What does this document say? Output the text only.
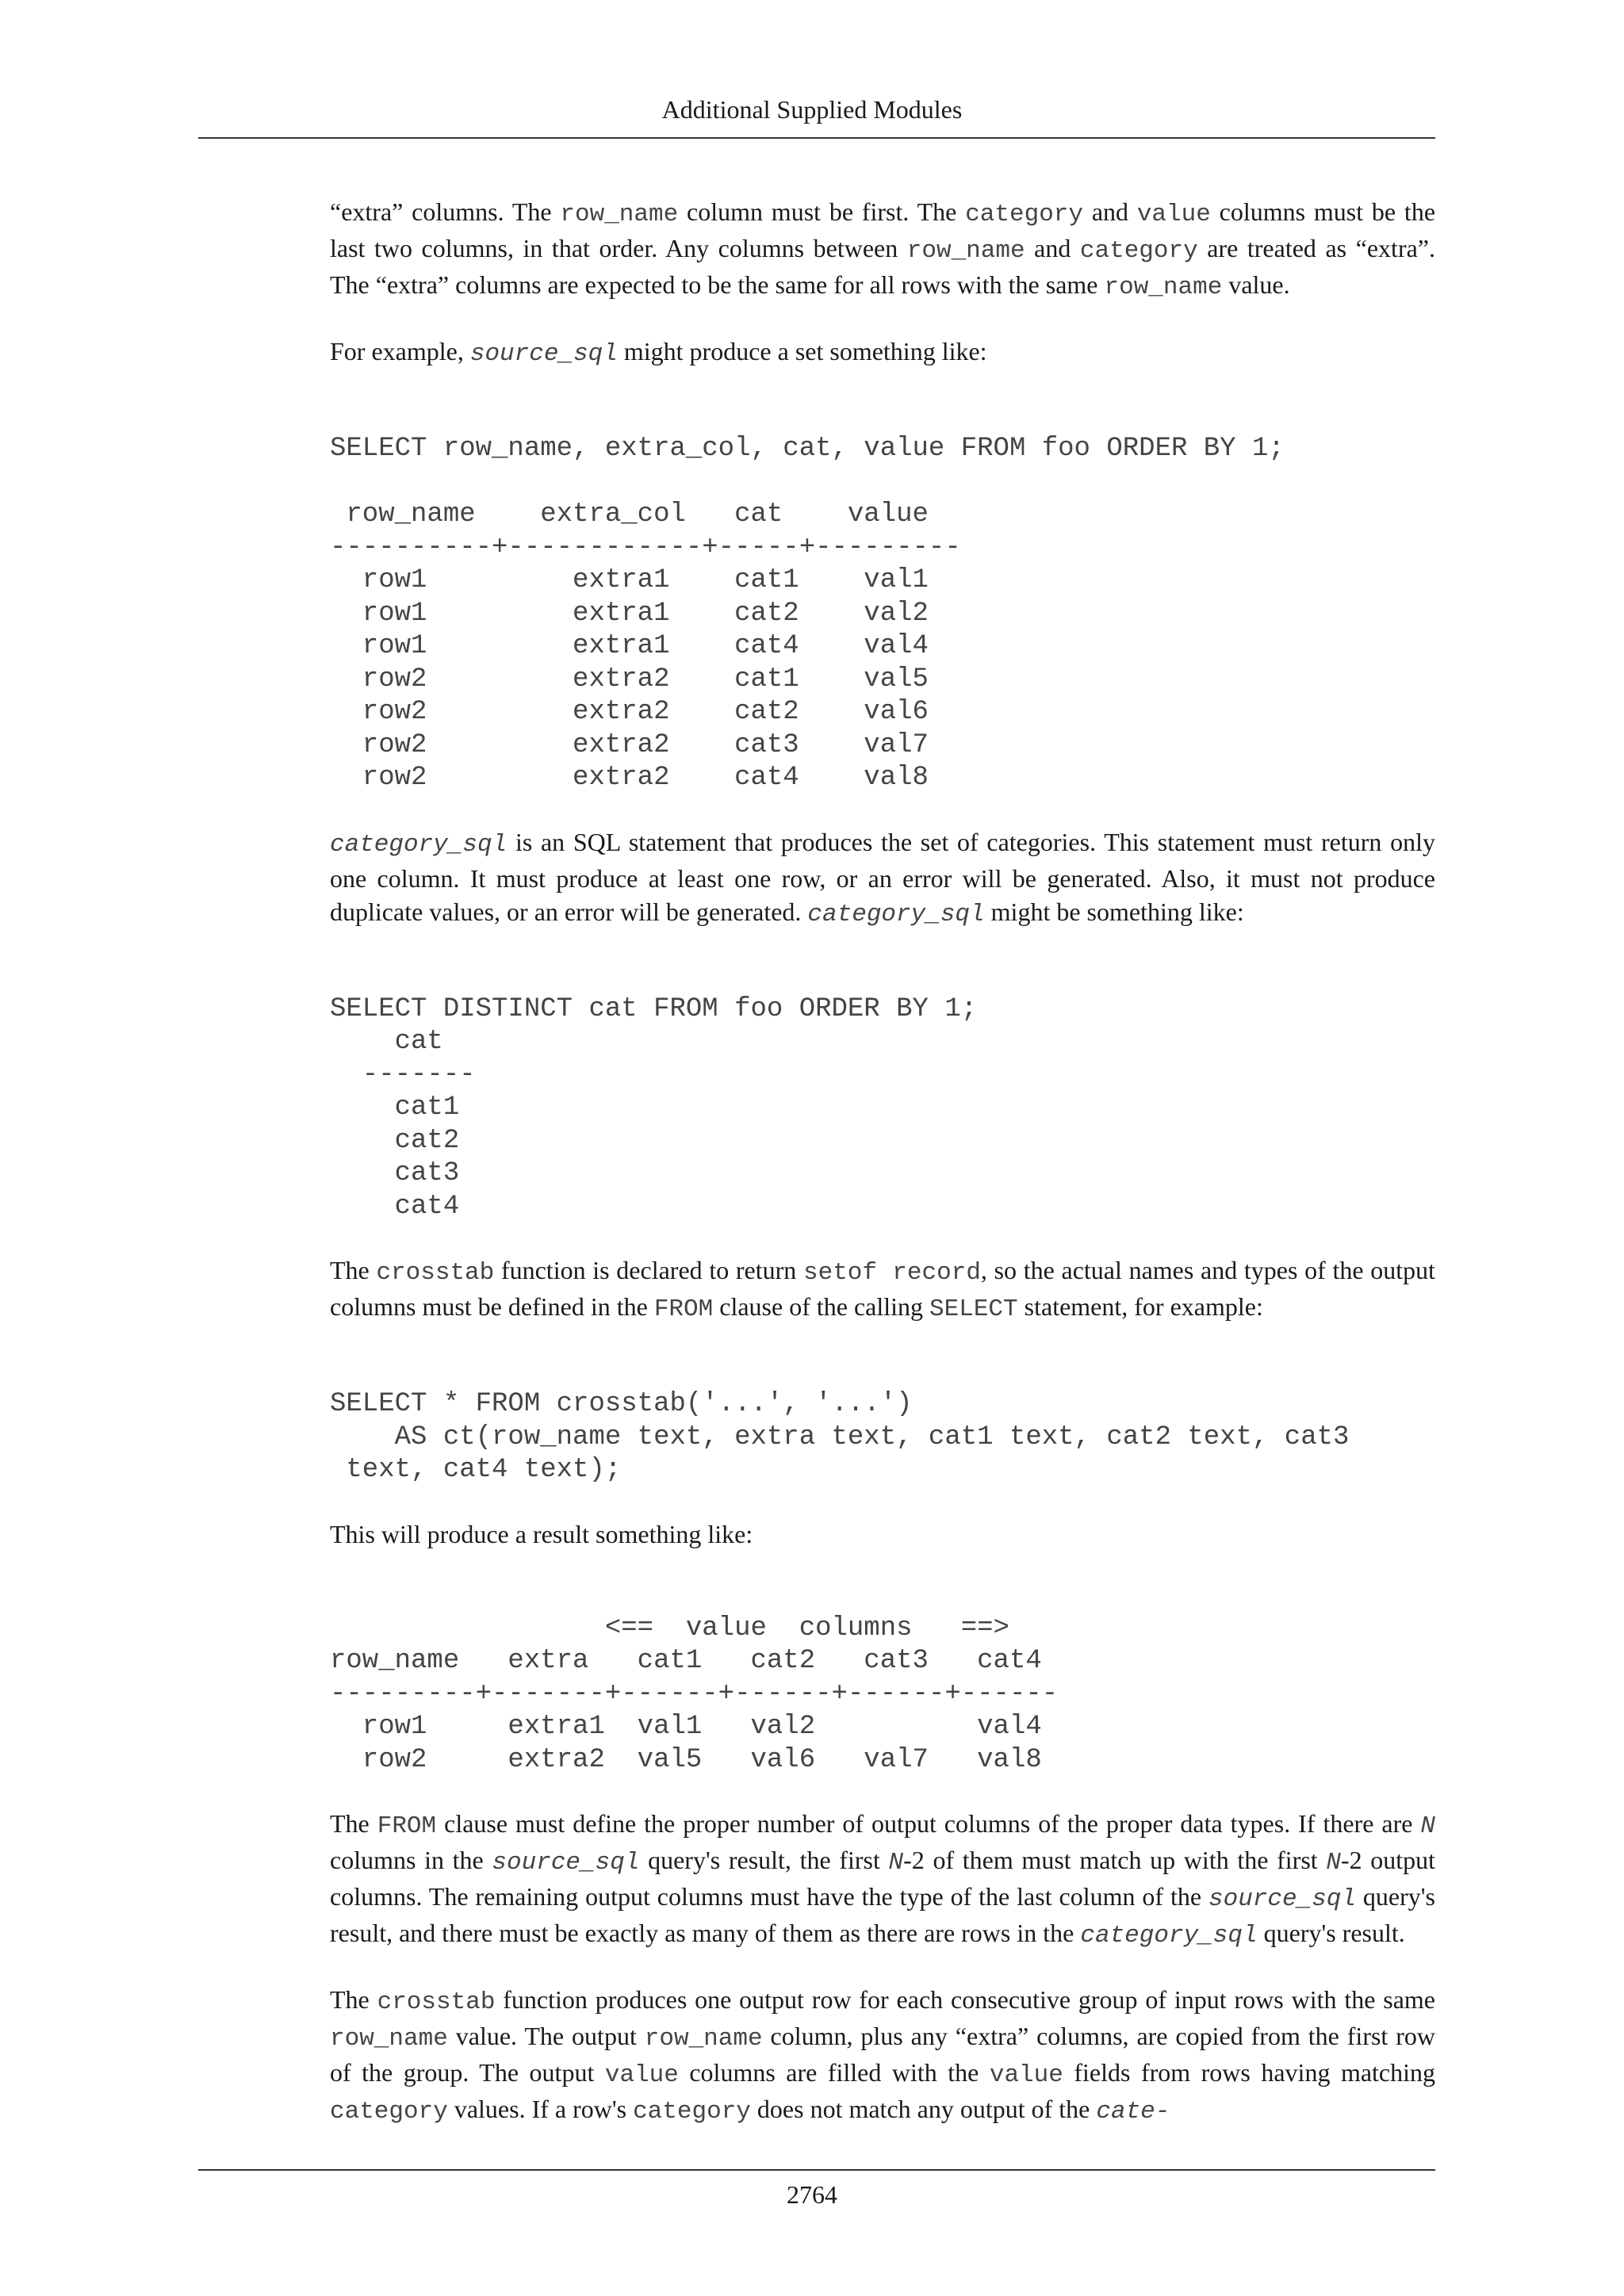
Additional Supplied Modules

“extra” columns. The row_name column must be first. The category and value columns must be the last two columns, in that order. Any columns between row_name and category are treated as “extra”. The “extra” columns are expected to be the same for all rows with the same row_name value.

For example, source_sql might produce a set something like:

SELECT row_name, extra_col, cat, value FROM foo ORDER BY 1;

row_name    extra_col   cat    value
----------+------------+-----+---------
row1         extra1    cat1    val1
row1         extra1    cat2    val2
row1         extra1    cat4    val4
row2         extra2    cat1    val5
row2         extra2    cat2    val6
row2         extra2    cat3    val7
row2         extra2    cat4    val8

category_sql is an SQL statement that produces the set of categories. This statement must return only one column. It must produce at least one row, or an error will be generated. Also, it must not produce duplicate values, or an error will be generated. category_sql might be something like:

SELECT DISTINCT cat FROM foo ORDER BY 1;
cat
-------
cat1
cat2
cat3
cat4

The crosstab function is declared to return setof record, so the actual names and types of the output columns must be defined in the FROM clause of the calling SELECT statement, for example:

SELECT * FROM crosstab('...', '...')
AS ct(row_name text, extra text, cat1 text, cat2 text, cat3
text, cat4 text);

This will produce a result something like:

<==  value  columns   ==>
row_name   extra   cat1   cat2   cat3   cat4
---------+-------+------+------+------+------
row1     extra1  val1   val2          val4
row2     extra2  val5   val6   val7   val8

The FROM clause must define the proper number of output columns of the proper data types. If there are N columns in the source_sql query's result, the first N-2 of them must match up with the first N-2 output columns. The remaining output columns must have the type of the last column of the source_sql query's result, and there must be exactly as many of them as there are rows in the category_sql query's result.

The crosstab function produces one output row for each consecutive group of input rows with the same row_name value. The output row_name column, plus any “extra” columns, are copied from the first row of the group. The output value columns are filled with the value fields from rows having matching category values. If a row's category does not match any output of the cate-

2764
